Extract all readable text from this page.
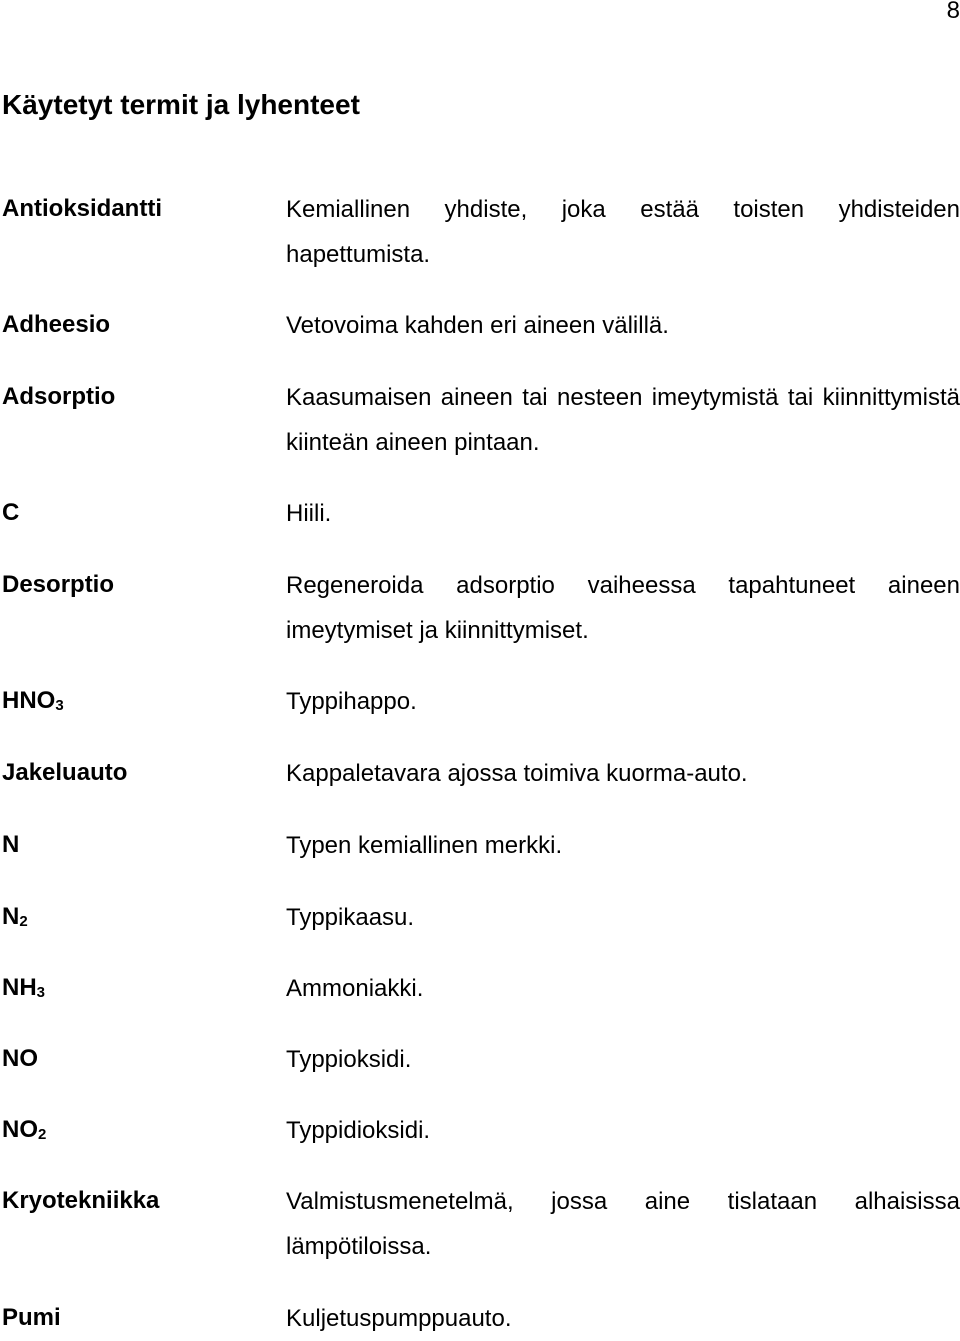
8
Käytetyt termit ja lyhenteet
Antioksidantti	Kemiallinen yhdiste, joka estää toisten yhdisteiden hapettumista.
Adheesio	Vetovoima kahden eri aineen välillä.
Adsorptio	Kaasumaisen aineen tai nesteen imeytymistä tai kiinnittymistä kiinteän aineen pintaan.
C	Hiili.
Desorptio	Regeneroida adsorptio vaiheessa tapahtuneet aineen imeytymiset ja kiinnittymiset.
$HNO_3$	Typpihappo.
Jakeluauto	Kappaletavara ajossa toimiva kuorma-auto.
N	Typen kemiallinen merkki.
$N_2$	Typpikaasu.
$NH_3$	Ammoniakki.
NO	Typpioksidi.
$NO_2$	Typpidioksidi.
Kryotekniikka	Valmistusmenetelmä, jossa aine tislataan alhaisissa lämpötiloissa.
Pumi	Kuljetuspumppuauto.
